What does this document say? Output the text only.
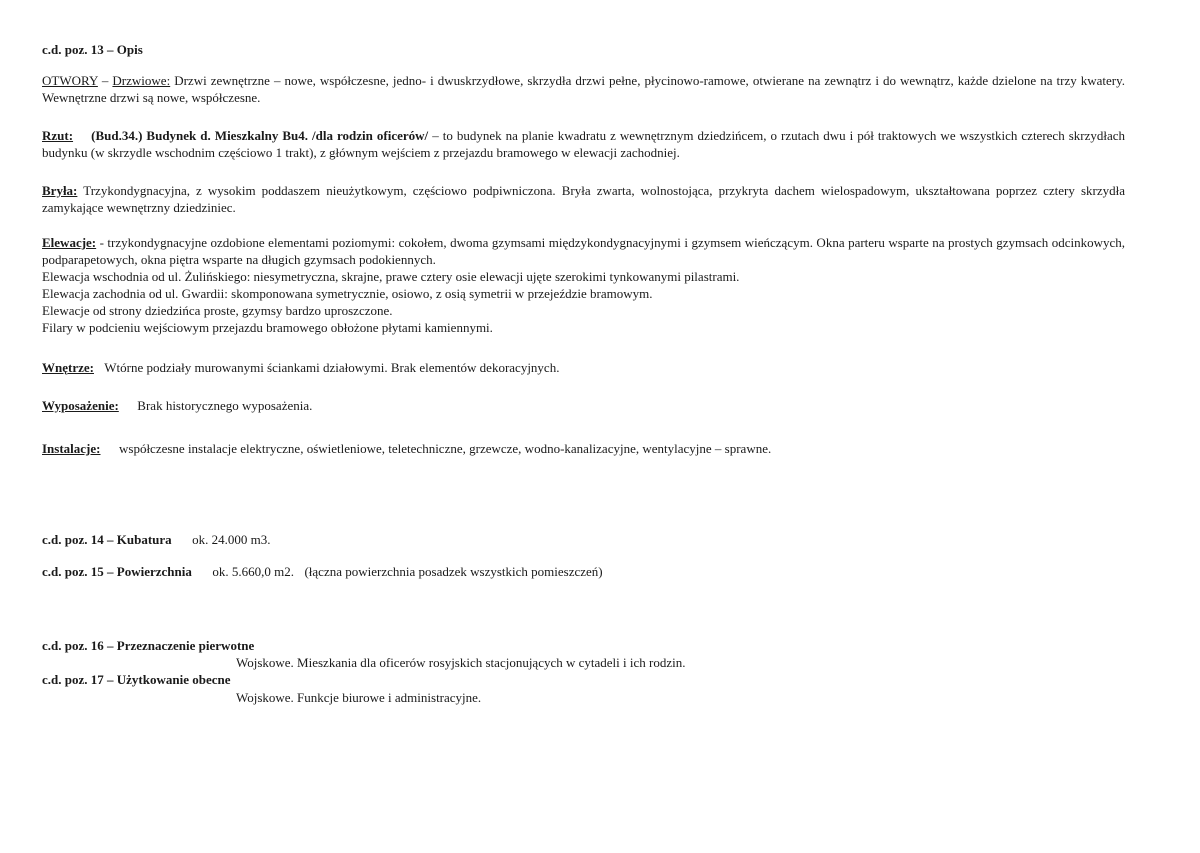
c.d. poz. 13 – Opis
OTWORY – Drzwiowe: Drzwi zewnętrzne – nowe, współczesne, jedno- i dwuskrzydłowe, skrzydła drzwi pełne, płycinowo-ramowe, otwierane na zewnątrz i do wewnątrz, każde dzielone na trzy kwatery. Wewnętrzne drzwi są nowe, współczesne.
Rzut: (Bud.34.) Budynek d. Mieszkalny Bu4. /dla rodzin oficerów/ – to budynek na planie kwadratu z wewnętrznym dziedzińcem, o rzutach dwu i pół traktowych we wszystkich czterech skrzydłach budynku (w skrzydle wschodnim częściowo 1 trakt), z głównym wejściem z przejazdu bramowego w elewacji zachodniej.
Bryła: Trzykondygnacyjna, z wysokim poddaszem nieużytkowym, częściowo podpiwniczona. Bryła zwarta, wolnostojąca, przykryta dachem wielospadowym, ukształtowana poprzez cztery skrzydła zamykające wewnętrzny dziedziniec.
Elewacje: - trzykondygnacyjne ozdobione elementami poziomymi: cokołem, dwoma gzymsami międzykondygnacyjnymi i gzymsem wieńczącym. Okna parteru wsparte na prostych gzymsach odcinkowych, podparapetowych, okna piętra wsparte na długich gzymsach podokiennych.
Elewacja wschodnia od ul. Żulińskiego: niesymetryczna, skrajne, prawe cztery osie elewacji ujęte szerokimi tynkowanymi pilastrami.
Elewacja zachodnia od ul. Gwardii: skomponowana symetrycznie, osiowo, z osią symetrii w przejeździe bramowym.
Elewacje od strony dziedzińca proste, gzymsy bardzo uproszczone.
Filary w podcieniu wejściowym przejazdu bramowego obłożone płytami kamiennymi.
Wnętrze: Wtórne podziały murowanymi ściankami działowymi. Brak elementów dekoracyjnych.
Wyposażenie: Brak historycznego wyposażenia.
Instalacje: współczesne instalacje elektryczne, oświetleniowe, teletechniczne, grzewcze, wodno-kanalizacyjne, wentylacyjne – sprawne.
c.d. poz. 14 – Kubatura ok. 24.000 m3.
c.d. poz. 15 – Powierzchnia ok. 5.660,0 m2. (łączna powierzchnia posadzek wszystkich pomieszczeń)
c.d. poz. 16 – Przeznaczenie pierwotne
Wojskowe. Mieszkania dla oficerów rosyjskich stacjonujących w cytadeli i ich rodzin.
c.d. poz. 17 – Użytkowanie obecne
Wojskowe. Funkcje biurowe i administracyjne.
